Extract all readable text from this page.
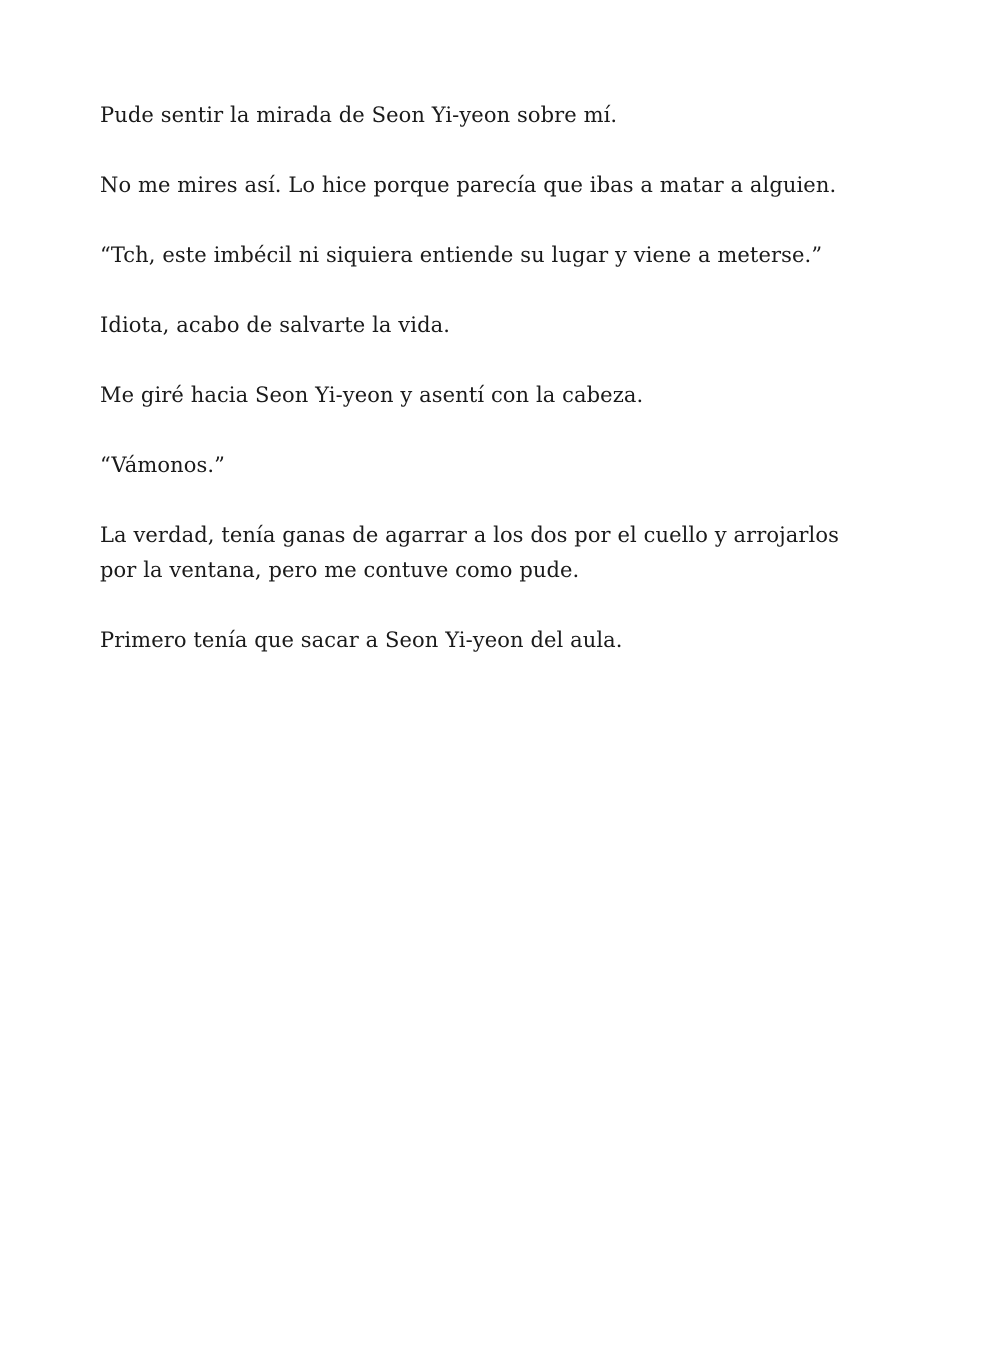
Pude sentir la mirada de Seon Yi-yeon sobre mí.

No me mires así. Lo hice porque parecía que ibas a matar a alguien.

“Tch, este imbécil ni siquiera entiende su lugar y viene a meterse.”

Idiota, acabo de salvarte la vida.

Me giré hacia Seon Yi-yeon y asentí con la cabeza.

“Vámonos.”

La verdad, tenía ganas de agarrar a los dos por el cuello y arrojarlos por la ventana, pero me contuve como pude.

Primero tenía que sacar a Seon Yi-yeon del aula.
